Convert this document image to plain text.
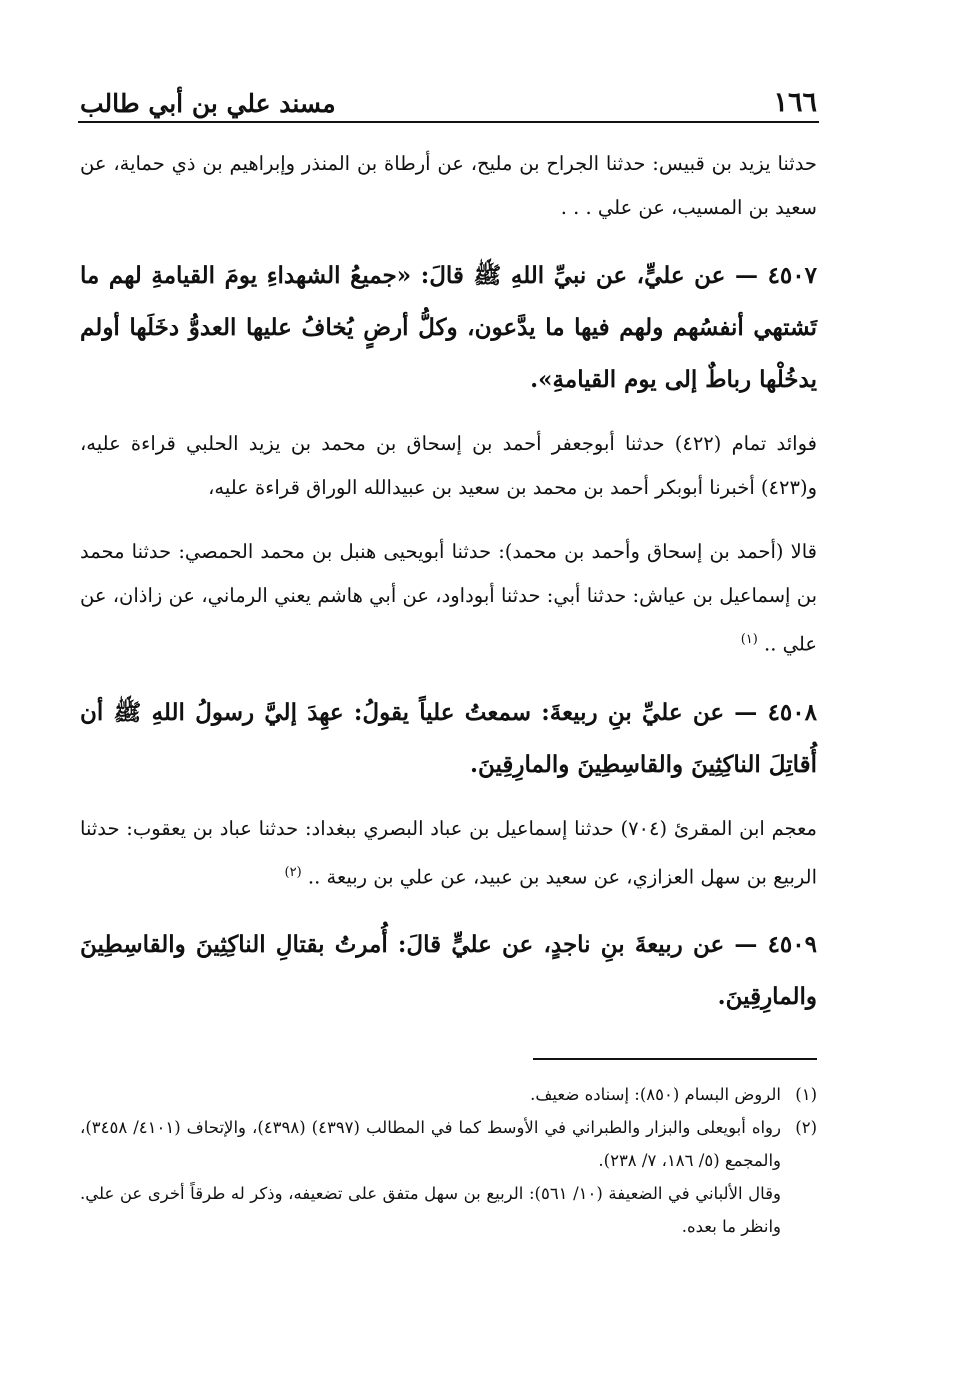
١٦٦
مسند علي بن أبي طالب

حدثنا يزيد بن قبيس: حدثنا الجراح بن مليح، عن أرطاة بن المنذر وإبراهيم بن ذي حماية، عن سعيد بن المسيب، عن علي . . .

٤٥٠٧ — عن عليٍّ، عن نبيِّ اللهِ ﷺ قالَ: «جميعُ الشهداءِ يومَ القيامةِ لهم ما تَشتهي أنفسُهم ولهم فيها ما يدَّعون، وكلُّ أرضٍ يُخافُ عليها العدوُّ دخَلَها أولم يدخُلْها رباطٌ إلى يوم القيامةِ».

فوائد تمام (٤٢٢) حدثنا أبوجعفر أحمد بن إسحاق بن محمد بن يزيد الحلبي قراءة عليه، و(٤٢٣) أخبرنا أبوبكر أحمد بن محمد بن سعيد بن عبيدالله الوراق قراءة عليه،

قالا (أحمد بن إسحاق وأحمد بن محمد): حدثنا أبويحيى هنبل بن محمد الحمصي: حدثنا محمد بن إسماعيل بن عياش: حدثنا أبي: حدثنا أبوداود، عن أبي هاشم يعني الرماني، عن زاذان، عن علي .. $^{(١)}$

٤٥٠٨ — عن عليِّ بنِ ربيعةَ: سمعتُ علياً يقولُ: عهِدَ إليَّ رسولُ اللهِ ﷺ أن أُقاتِلَ الناكِثِينَ والقاسِطِينَ والمارِقِينَ.

معجم ابن المقرئ (٧٠٤) حدثنا إسماعيل بن عباد البصري ببغداد: حدثنا عباد بن يعقوب: حدثنا الربيع بن سهل العزازي، عن سعيد بن عبيد، عن علي بن ربيعة .. $^{(٢)}$

٤٥٠٩ — عن ربيعةَ بنِ ناجدٍ، عن عليٍّ قالَ: أُمرتُ بقتالِ الناكِثِينَ والقاسِطِينَ والمارِقِينَ.

(١)
الروض البسام (٨٥٠): إسناده ضعيف.
(٢)
رواه أبويعلى والبزار والطبراني في الأوسط كما في المطالب (٤٣٩٧) (٤٣٩٨)، والإتحاف (٤١٠١/ ٣٤٥٨)، والمجمع (٥/ ١٨٦، ٧/ ٢٣٨).
وقال الألباني في الضعيفة (١٠/ ٥٦١): الربيع بن سهل متفق على تضعيفه، وذكر له طرقاً أخرى عن علي. وانظر ما بعده.
